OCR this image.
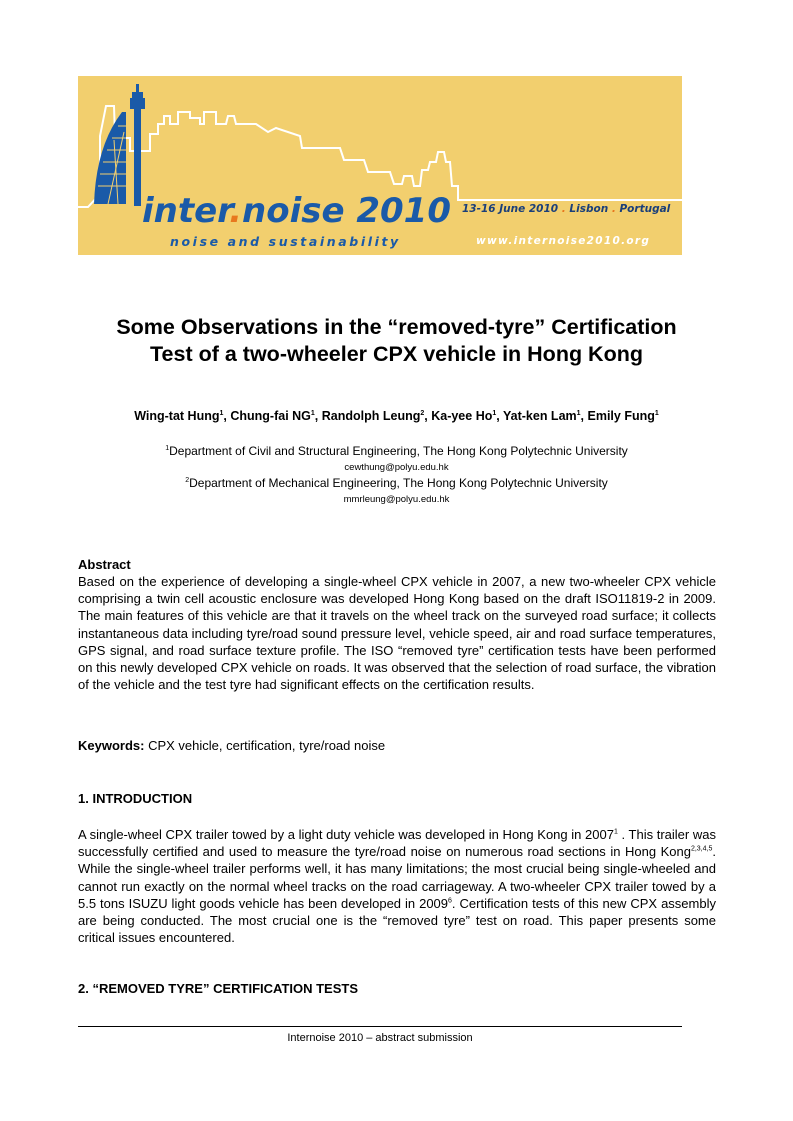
inter.noise 2010
noise and sustainability
13-16 June 2010 . Lisbon . Portugal
www.internoise2010.org
Some Observations in the “removed-tyre” Certification
Test of a two-wheeler CPX vehicle in Hong Kong
Wing-tat Hung$^1$, Chung-fai $NG^1$, Randolph Leung$^2$, Ka-yee Ho$^1$, Yat-ken Lam$^1$, Emily Fung$^1$
$^1$Department of Civil and Structural Engineering, The Hong Kong Polytechnic University
cewthung@polyu.edu.hk
$^2$Department of Mechanical Engineering, The Hong Kong Polytechnic University
mmrleung@polyu.edu.hk
Abstract
Based on the experience of developing a single-wheel CPX vehicle in 2007, a new two-wheeler CPX vehicle comprising a twin cell acoustic enclosure was developed Hong Kong based on the draft ISO11819-2 in 2009. The main features of this vehicle are that it travels on the wheel track on the surveyed road surface; it collects instantaneous data including tyre/road sound pressure level, vehicle speed, air and road surface temperatures, GPS signal, and road surface texture profile. The ISO “removed tyre” certification tests have been performed on this newly developed CPX vehicle on roads. It was observed that the selection of road surface, the vibration of the vehicle and the test tyre had significant effects on the certification results.
Keywords: CPX vehicle, certification, tyre/road noise
1. INTRODUCTION
A single-wheel CPX trailer towed by a light duty vehicle was developed in Hong Kong in 2007$^1$ . This trailer was successfully certified and used to measure the tyre/road noise on numerous road sections in Hong Kong$^{2,3,4,5}$. While the single-wheel trailer performs well, it has many limitations; the most crucial being single-wheeled and cannot run exactly on the normal wheel tracks on the road carriageway. A two-wheeler CPX trailer towed by a 5.5 tons ISUZU light goods vehicle has been developed in 2009$^6$. Certification tests of this new CPX assembly are being conducted. The most crucial one is the “removed tyre” test on road. This paper presents some critical issues encountered.
2. “REMOVED TYRE” CERTIFICATION TESTS
Internoise 2010 – abstract submission
